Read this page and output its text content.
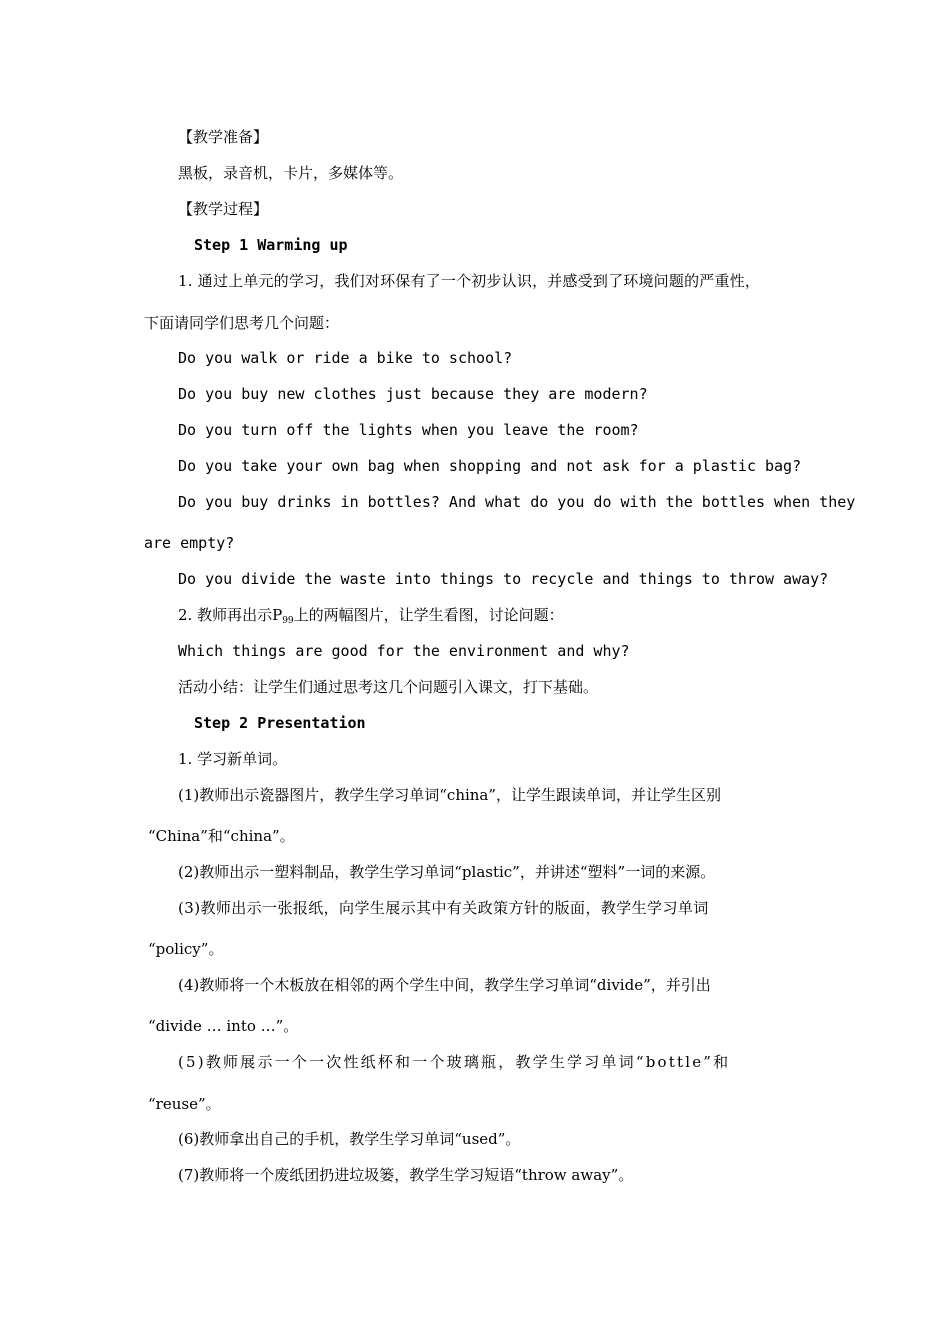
【教学准备】
黑板，录音机，卡片，多媒体等。
【教学过程】
Step 1 Warming up
1. 通过上单元的学习，我们对环保有了一个初步认识，并感受到了环境问题的严重性，
下面请同学们思考几个问题：
Do you walk or ride a bike to school?
Do you buy new clothes just because they are modern?
Do you turn off the lights when you leave the room?
Do you take your own bag when shopping and not ask for a plastic bag?
Do you buy drinks in bottles? And what do you do with the bottles when they
are empty?
Do you divide the waste into things to recycle and things to throw away?
2. 教师再出示$P_{99}$上的两幅图片，让学生看图，讨论问题：
Which things are good for the environment and why?
活动小结：让学生们通过思考这几个问题引入课文，打下基础。
Step 2 Presentation
1. 学习新单词。
(1)教师出示瓷器图片，教学生学习单词“china”，让学生跟读单词，并让学生区别
“China”和“china”。
(2)教师出示一塑料制品，教学生学习单词“plastic”，并讲述“塑料”一词的来源。
(3)教师出示一张报纸，向学生展示其中有关政策方针的版面，教学生学习单词
“policy”。
(4)教师将一个木板放在相邻的两个学生中间，教学生学习单词“divide”，并引出
“divide … into …”。
(5)教师展示一个一次性纸杯和一个玻璃瓶，教学生学习单词“bottle”和
“reuse”。
(6)教师拿出自己的手机，教学生学习单词“used”。
(7)教师将一个废纸团扔进垃圾篓，教学生学习短语“throw away”。
